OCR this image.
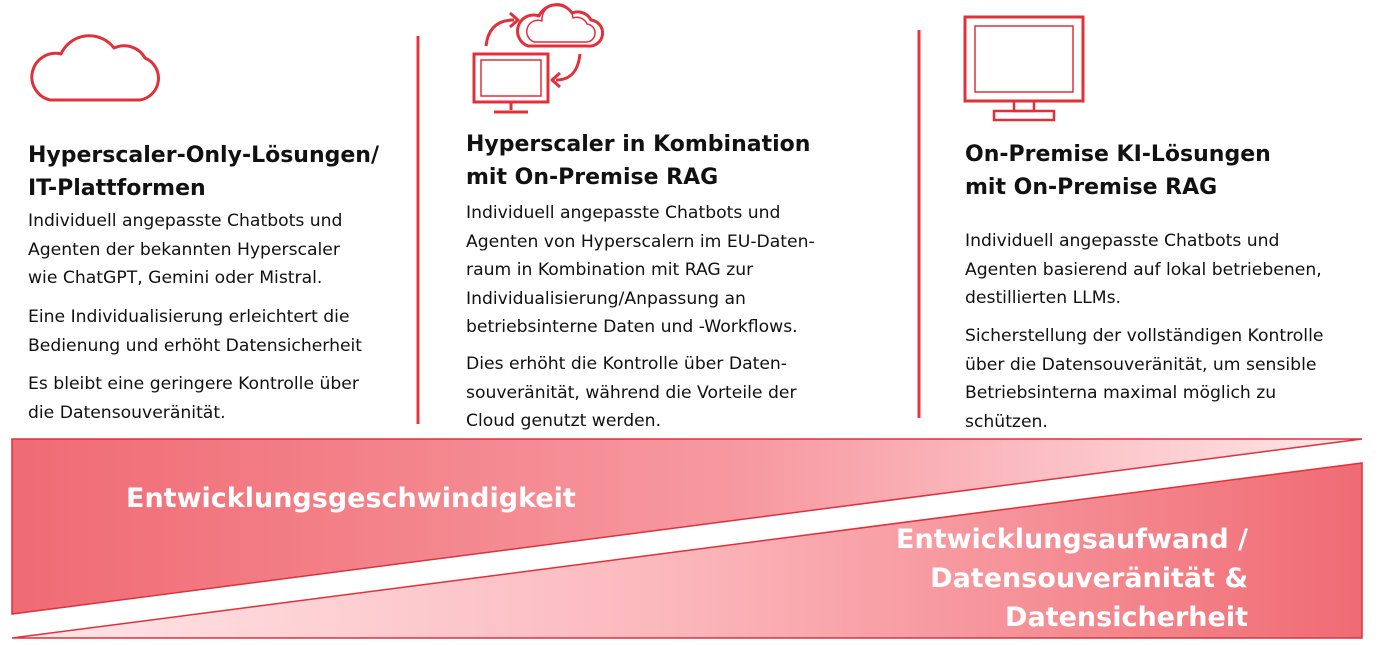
Hyperscaler-Only-Lösungen/
IT-Plattformen
Individuell angepasste Chatbots und
Agenten der bekannten Hyperscaler
wie ChatGPT, Gemini oder Mistral.
Eine Individualisierung erleichtert die
Bedienung und erhöht Datensicherheit
Es bleibt eine geringere Kontrolle über
die Datensouveränität.
Hyperscaler in Kombination
mit On-Premise RAG
Individuell angepasste Chatbots und
Agenten von Hyperscalern im EU-Daten-
raum in Kombination mit RAG zur
Individualisierung/Anpassung an
betriebsinterne Daten und -Workflows.
Dies erhöht die Kontrolle über Daten-
souveränität, während die Vorteile der
Cloud genutzt werden.
On-Premise KI-Lösungen
mit On-Premise RAG
Individuell angepasste Chatbots und
Agenten basierend auf lokal betriebenen,
destillierten LLMs.
Sicherstellung der vollständigen Kontrolle
über die Datensouveränität, um sensible
Betriebsinterna maximal möglich zu
schützen.
Entwicklungsgeschwindigkeit
Entwicklungsaufwand /
Datensouveränität &
Datensicherheit
